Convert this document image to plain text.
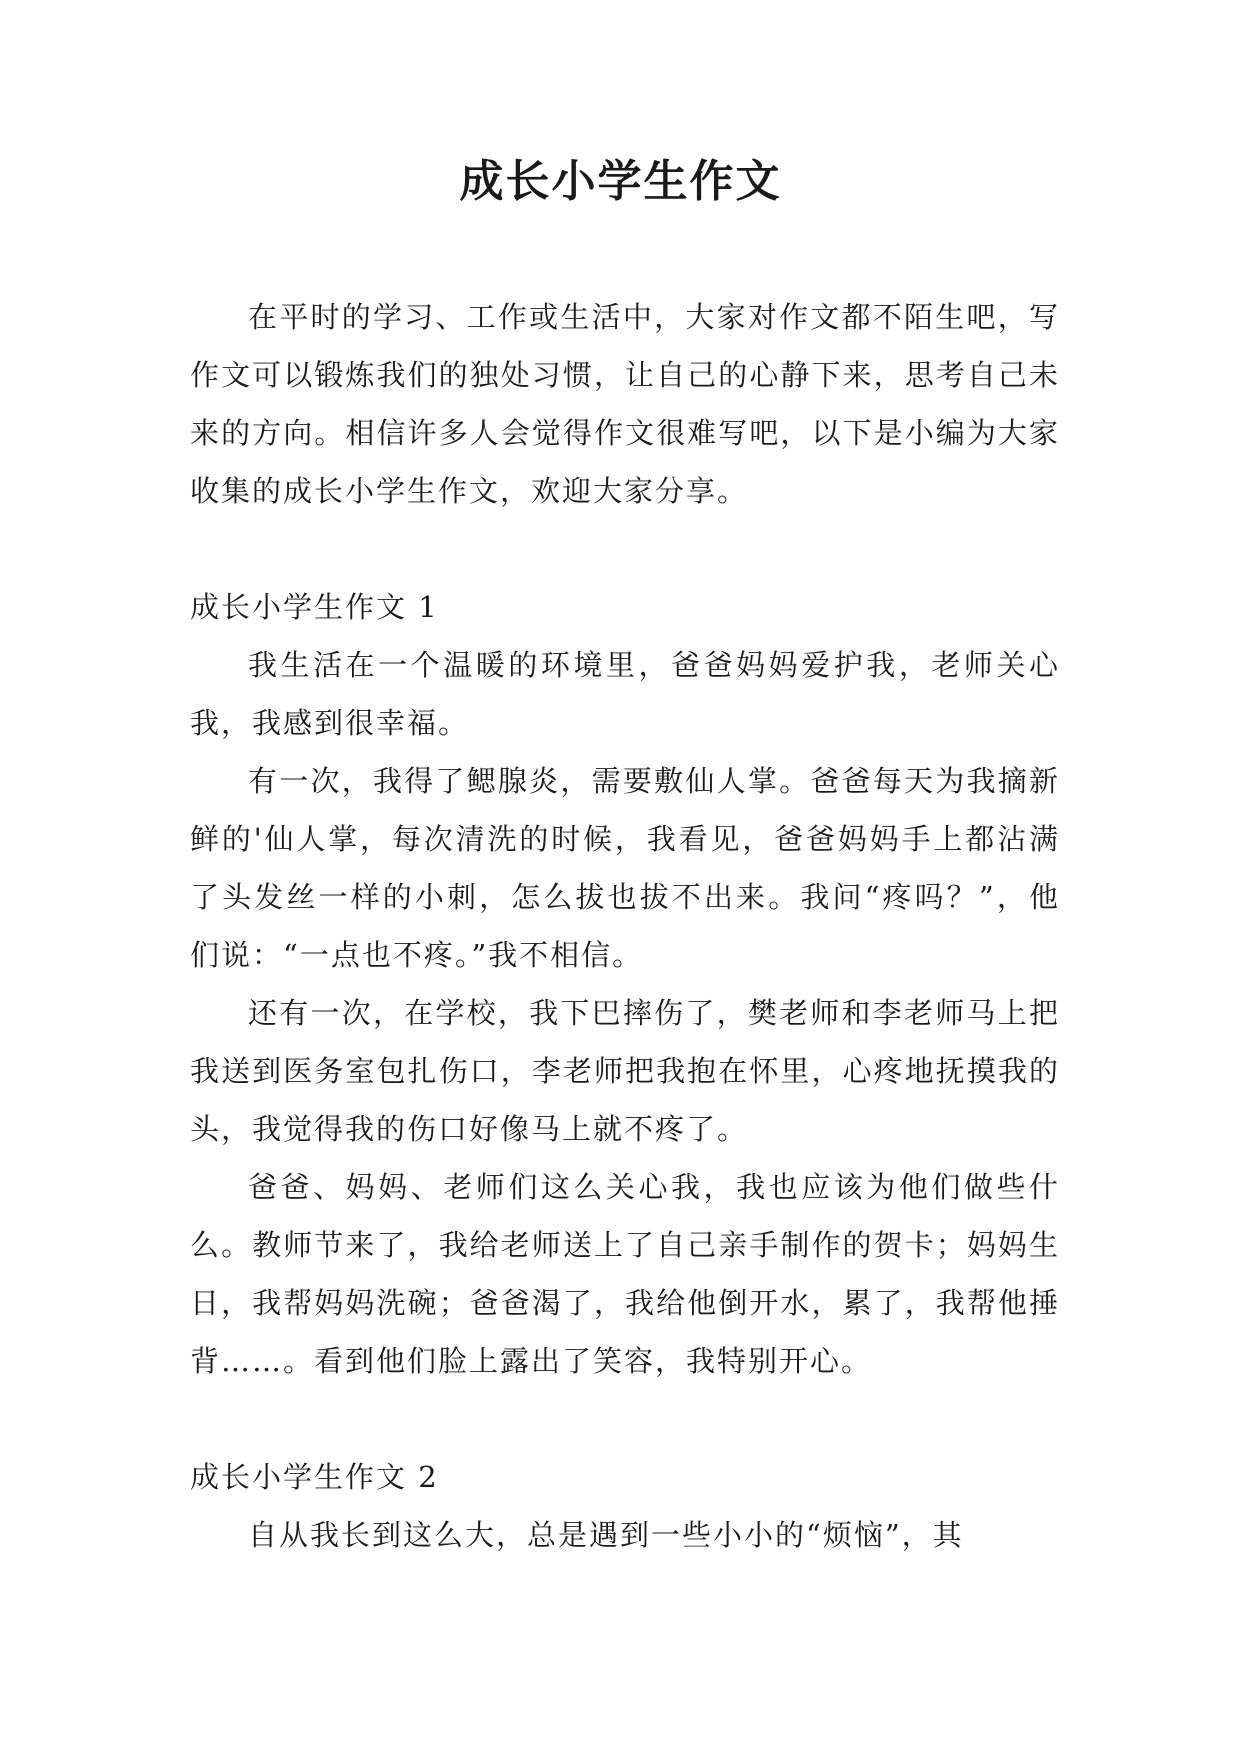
成长小学生作文

在平时的学习、工作或生活中，大家对作文都不陌生吧，写作文可以锻炼我们的独处习惯，让自己的心静下来，思考自己未来的方向。相信许多人会觉得作文很难写吧，以下是小编为大家收集的成长小学生作文，欢迎大家分享。

成长小学生作文 1

我生活在一个温暖的环境里，爸爸妈妈爱护我，老师关心我，我感到很幸福。

有一次，我得了鳃腺炎，需要敷仙人掌。爸爸每天为我摘新鲜的'仙人掌，每次清洗的时候，我看见，爸爸妈妈手上都沾满了头发丝一样的小刺，怎么拔也拔不出来。我问“疼吗？”，他们说：“一点也不疼。”我不相信。

还有一次，在学校，我下巴摔伤了，樊老师和李老师马上把我送到医务室包扎伤口，李老师把我抱在怀里，心疼地抚摸我的头，我觉得我的伤口好像马上就不疼了。

爸爸、妈妈、老师们这么关心我，我也应该为他们做些什么。教师节来了，我给老师送上了自己亲手制作的贺卡；妈妈生日，我帮妈妈洗碗；爸爸渴了，我给他倒开水，累了，我帮他捶背……。看到他们脸上露出了笑容，我特别开心。

成长小学生作文 2

自从我长到这么大，总是遇到一些小小的“烦恼”，其
